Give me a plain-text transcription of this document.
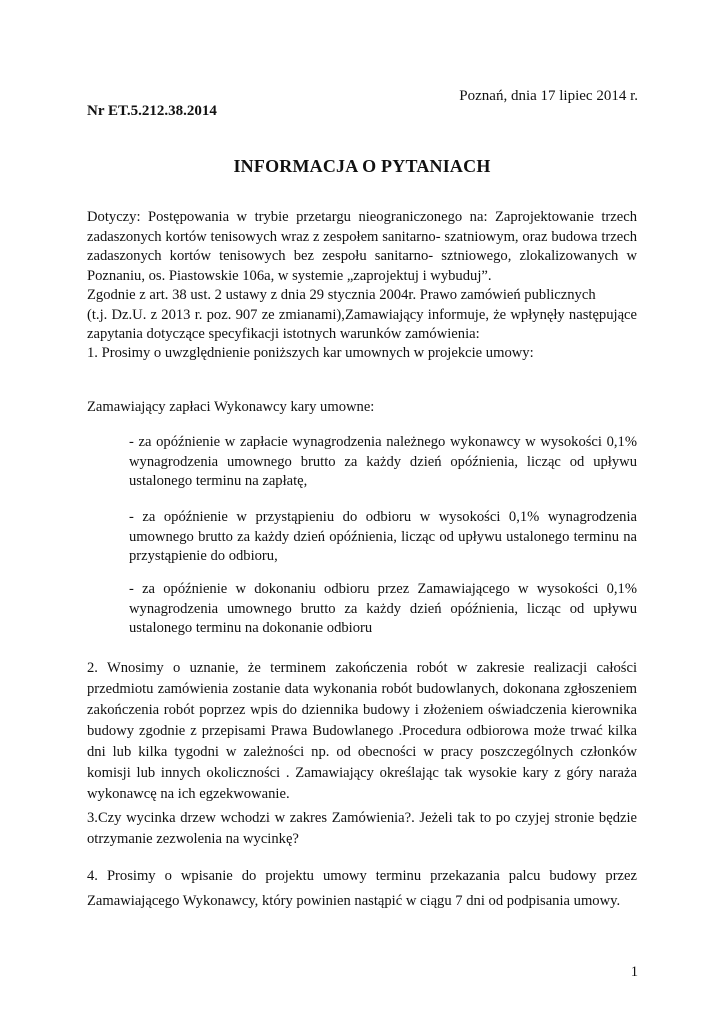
Poznań, dnia 17 lipiec 2014 r.
Nr ET.5.212.38.2014
INFORMACJA O PYTANIACH
Dotyczy: Postępowania w trybie przetargu nieograniczonego na: Zaprojektowanie trzech
zadaszonych kortów tenisowych wraz z zespołem sanitarno- szatniowym, oraz budowa trzech
zadaszonych kortów tenisowych bez zespołu sanitarno- sztniowego, zlokalizowanych w
Poznaniu, os. Piastowskie 106a, w systemie „zaprojektuj i wybuduj”.
Zgodnie z art. 38 ust. 2 ustawy z dnia 29 stycznia 2004r. Prawo zamówień publicznych
(t.j. Dz.U. z 2013 r. poz. 907 ze zmianami),Zamawiający informuje, że wpłynęły następujące
zapytania dotyczące specyfikacji istotnych warunków zamówienia:
1. Prosimy o uwzględnienie poniższych kar umownych w projekcie umowy:
Zamawiający zapłaci Wykonawcy kary umowne:
- za opóźnienie w zapłacie wynagrodzenia należnego wykonawcy w wysokości 0,1%
wynagrodzenia umownego brutto za każdy dzień opóźnienia, licząc od upływu
ustalonego terminu na zapłatę,
- za opóźnienie w przystąpieniu do odbioru w wysokości 0,1% wynagrodzenia
umownego brutto za każdy dzień opóźnienia, licząc od upływu ustalonego terminu na
przystąpienie do odbioru,
- za opóźnienie w dokonaniu odbioru przez Zamawiającego w wysokości 0,1%
wynagrodzenia umownego brutto za każdy dzień opóźnienia, licząc od upływu
ustalonego terminu na dokonanie odbioru
2. Wnosimy o uznanie, że terminem zakończenia robót w zakresie realizacji całości
przedmiotu zamówienia zostanie data wykonania robót budowlanych, dokonana zgłoszeniem
zakończenia robót poprzez wpis do dziennika budowy i złożeniem oświadczenia kierownika
budowy zgodnie z przepisami Prawa Budowlanego .Procedura odbiorowa może trwać kilka
dni lub kilka tygodni w zależności np. od obecności w pracy poszczególnych członków
komisji lub innych okoliczności . Zamawiający określając tak wysokie kary z góry naraża
wykonawcę na ich egzekwowanie.
3.Czy wycinka drzew wchodzi w zakres Zamówienia?. Jeżeli tak to po czyjej stronie będzie
otrzymanie zezwolenia na wycinkę?
4. Prosimy o wpisanie do projektu umowy terminu przekazania palcu budowy przez
Zamawiającego Wykonawcy, który powinien nastąpić w ciągu 7 dni od podpisania umowy.
1
